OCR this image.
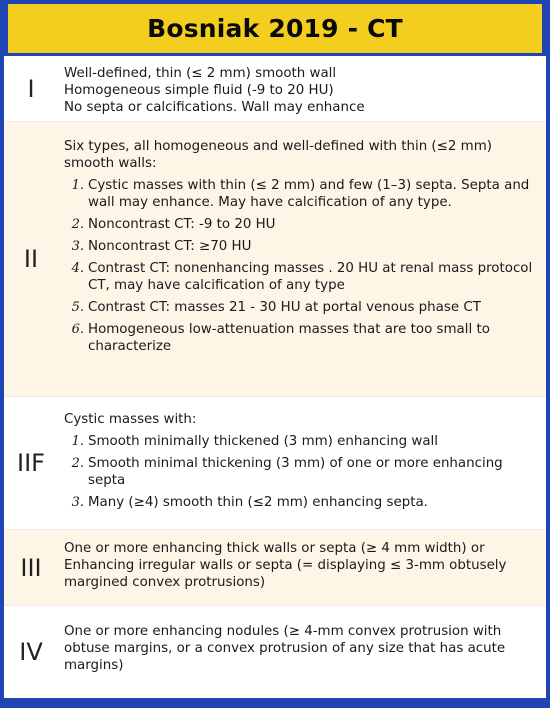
Bosniak 2019 - CT
I

Well-defined, thin (≤ 2 mm) smooth wall

Homogeneous simple fluid (-9 to 20 HU)

No septa or calcifications. Wall may enhance

II

Six types, all homogeneous and well-defined with thin (≤2 mm) smooth walls:

1. Cystic masses with thin (≤ 2 mm) and few (1–3) septa. Septa and wall may enhance. May have calcification of any type.
2. Noncontrast CT: -9 to 20 HU
3. Noncontrast CT: ≥70 HU
4. Contrast CT: nonenhancing masses . 20 HU at renal mass protocol CT, may have calcification of any type
5. Contrast CT: masses 21 - 30 HU at portal venous phase CT
6. Homogeneous low-attenuation masses that are too small to characterize
IIF

Cystic masses with:

1. Smooth minimally thickened (3 mm) enhancing wall
2. Smooth minimal thickening (3 mm) of one or more enhancing septa
3. Many (≥4) smooth thin (≤2 mm) enhancing septa.
III

One or more enhancing thick walls or septa (≥ 4 mm width) or Enhancing irregular walls or septa (= displaying ≤ 3-mm obtusely margined convex protrusions)

IV

One or more enhancing nodules (≥ 4-mm convex protrusion with obtuse margins, or a convex protrusion of any size that has acute margins)
